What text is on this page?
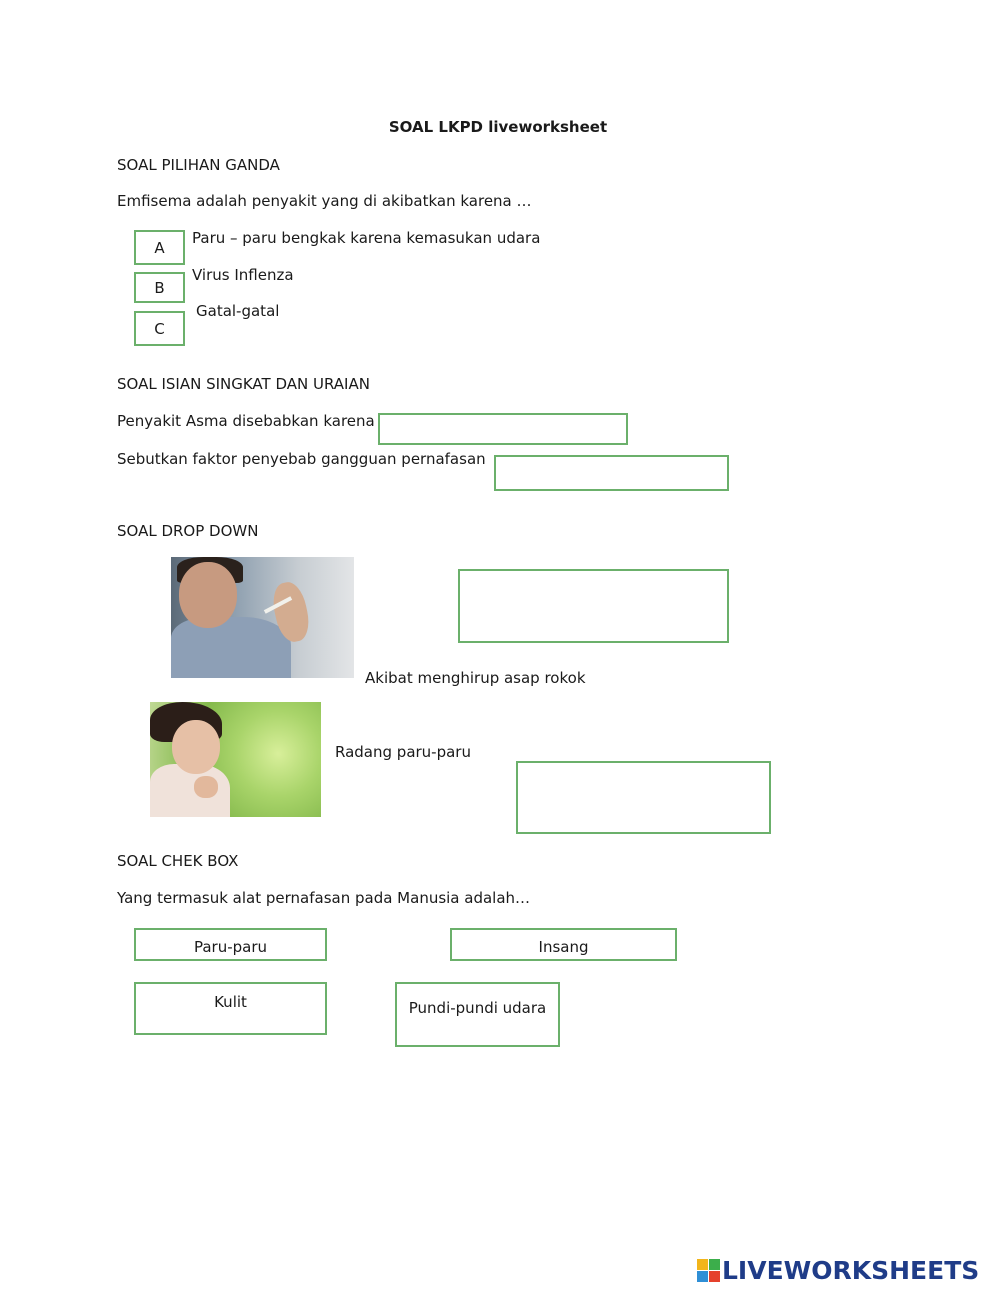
SOAL LKPD liveworksheet
SOAL PILIHAN GANDA
Emfisema adalah penyakit yang di akibatkan karena …
A
Paru – paru bengkak karena kemasukan udara
B
Virus Inflenza
C
Gatal-gatal
SOAL ISIAN SINGKAT DAN URAIAN
Penyakit Asma disebabkan karena
Sebutkan faktor penyebab gangguan pernafasan
SOAL DROP DOWN
Akibat menghirup asap rokok
Radang paru-paru
SOAL CHEK BOX
Yang termasuk alat pernafasan pada Manusia adalah…
Paru-paru	Insang
Kulit	Pundi-pundi udara
LIVEWORKSHEETS
